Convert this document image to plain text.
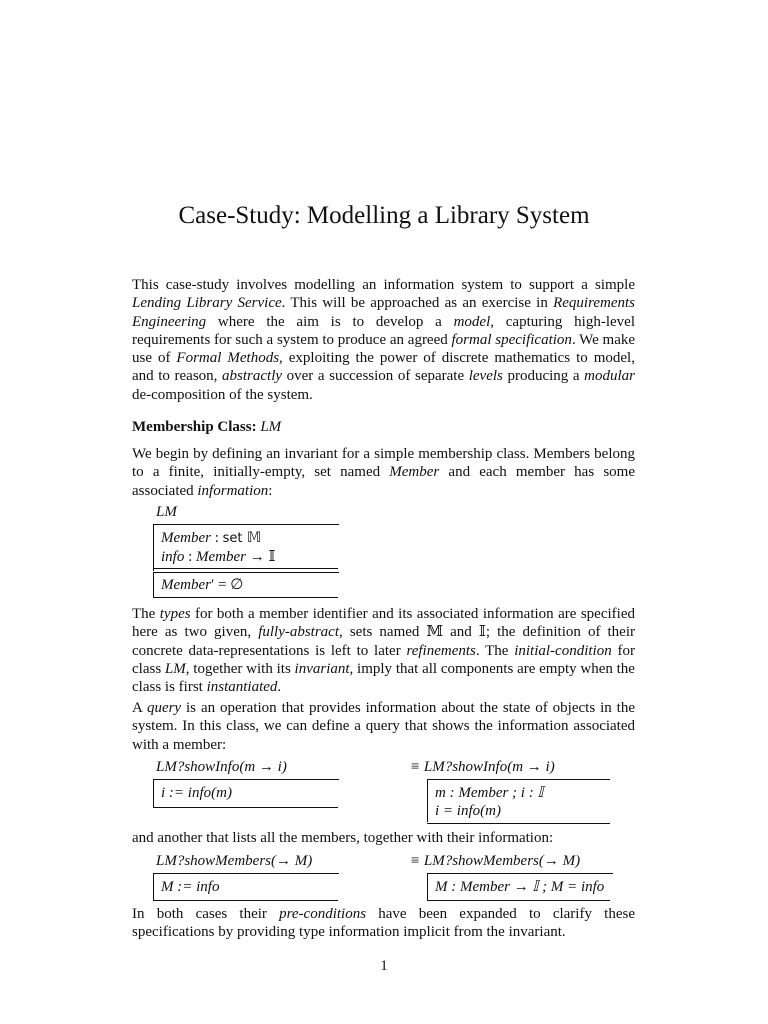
Case-Study: Modelling a Library System
This case-study involves modelling an information system to support a simple Lending Library Service. This will be approached as an exercise in Requirements Engineering where the aim is to develop a model, capturing high-level requirements for such a system to produce an agreed formal specification. We make use of Formal Methods, exploiting the power of discrete mathematics to model, and to reason, abstractly over a succession of separate levels producing a modular de-composition of the system.
Membership Class: LM
We begin by defining an invariant for a simple membership class. Members belong to a finite, initially-empty, set named Member and each member has some associated information:
LM
Member : set 𝕄
info : Member → 𝕀
Member′ = ∅
The types for both a member identifier and its associated information are specified here as two given, fully-abstract, sets named 𝕄 and 𝕀; the definition of their concrete data-representations is left to later refinements. The initial-condition for class LM, together with its invariant, imply that all components are empty when the class is first instantiated.
A query is an operation that provides information about the state of objects in the system. In this class, we can define a query that shows the information associated with a member:
LM?showInfo(m → i)
i := info(m)
≡ LM?showInfo(m → i)
m : Member ; i : 𝕀
i = info(m)
and another that lists all the members, together with their information:
LM?showMembers(→ M)
M := info
≡ LM?showMembers(→ M)
M : Member → 𝕀 ; M = info
In both cases their pre-conditions have been expanded to clarify these specifications by providing type information implicit from the invariant.
1
